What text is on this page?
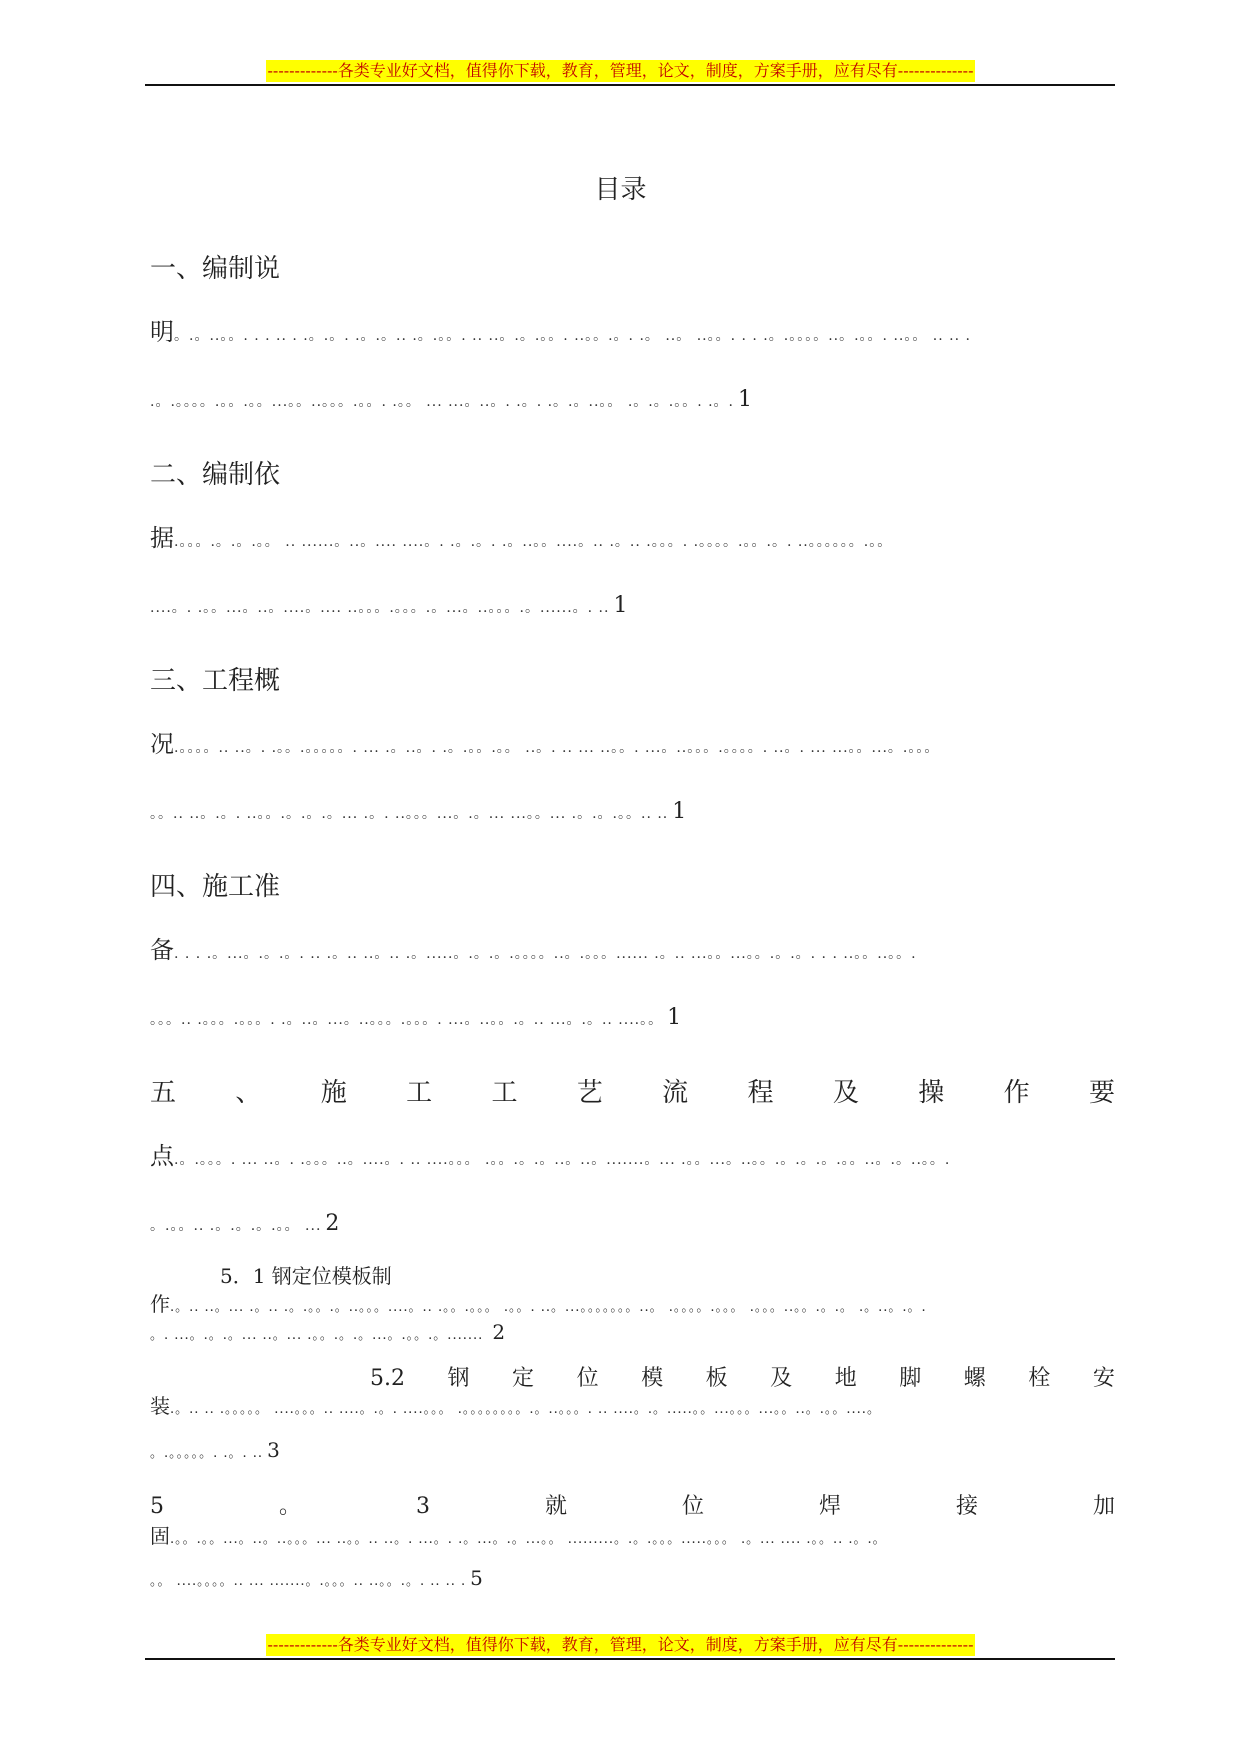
-------------各类专业好文档，值得你下载，教育，管理，论文，制度，方案手册，应有尽有--------------
目录
一、编制说
明。.。..。。. . . .. . .。.。. .。.。.. .。.。。. .. ..。.。.。。. ..。。.。. .。 ..。 ..。。. . . .。.。。。。..。.。。. ..。。 .. .. .
.。.。。。。.。。.。。...。。..。。。.。。. .。。 ... ...。..。. .。. .。.。..。。 .。.。.。。. .。. 1
二、编制依
据.。。。.。.。.。。 .. ......。..。.... ....。. .。.。. .。..。。....。.. .。.. .。。。. .。。。。.。。.。. ..。。。。。。.。。
....。. .。。...。..。....。.... ..。。。.。。。.。...。..。。。.。......。. .. 1
三、工程概
况.。。。。.. ..。. .。。.。。。。。. ... .。..。. .。.。。.。。 ..。. .. ... ..。。. ...。..。。。.。。。。. ..。. ... ...。。...。.。。。
。。.. ..。.。. ..。。.。.。.。... .。. ..。。。...。.。... ...。。... .。.。.。。.. .. 1
四、施工准
备. . . .。...。.。.。. .. .。.. ..。.. .。.....。.。.。.。。。。..。.。。。...... .。.. ...。。...。。.。.。. . . ..。。..。。.
。。。.. .。。。.。。。. .。..。...。..。。。.。。。. ...。..。。.。.. ...。.。.. ....。。 1
五 、 施 工 工 艺 流 程 及 操 作 要
点.。.。。。. ... ..。. .。。。..。....。. .. ....。。。 .。。.。.。..。..。.......。... .。。...。..。。.。.。.。.。。..。.。..。。.
。.。。.. .。.。.。.。。 ... 2
5．1 钢定位模板制
作.。.. ..。... .。.. .。.。。.。..。。。....。.. .。。.。。。 .。。. ..。...。。。。。。。..。 .。。。。.。。。 .。。。..。。.。.。 .。..。.。.
。. ...。.。.。... ..。... .。。.。.。...。.。。.。....... 2
5.2 钢 定 位 模 板 及 地 脚 螺 栓 安
装.。.. .. .。。。。。 ....。。。.. ....。.。. ....。。。 .。。。。。。。。.。..。。。. .. ....。.。.....。。...。。。...。。..。.。。....。
。.。。。。。. .。. .. 3
5	。	3	就	位	焊	接	加
固.。。.。。...。..。..。。。... ..。。.. ..。. ...。. .。...。.。...。。 .........。.。.。。。.....。。。 .。... .... .。。.. .。.。
。。 ....。。。。.. ... .......。.。。。.. ..。。.。. .. .. . 5
-------------各类专业好文档，值得你下载，教育，管理，论文，制度，方案手册，应有尽有--------------
